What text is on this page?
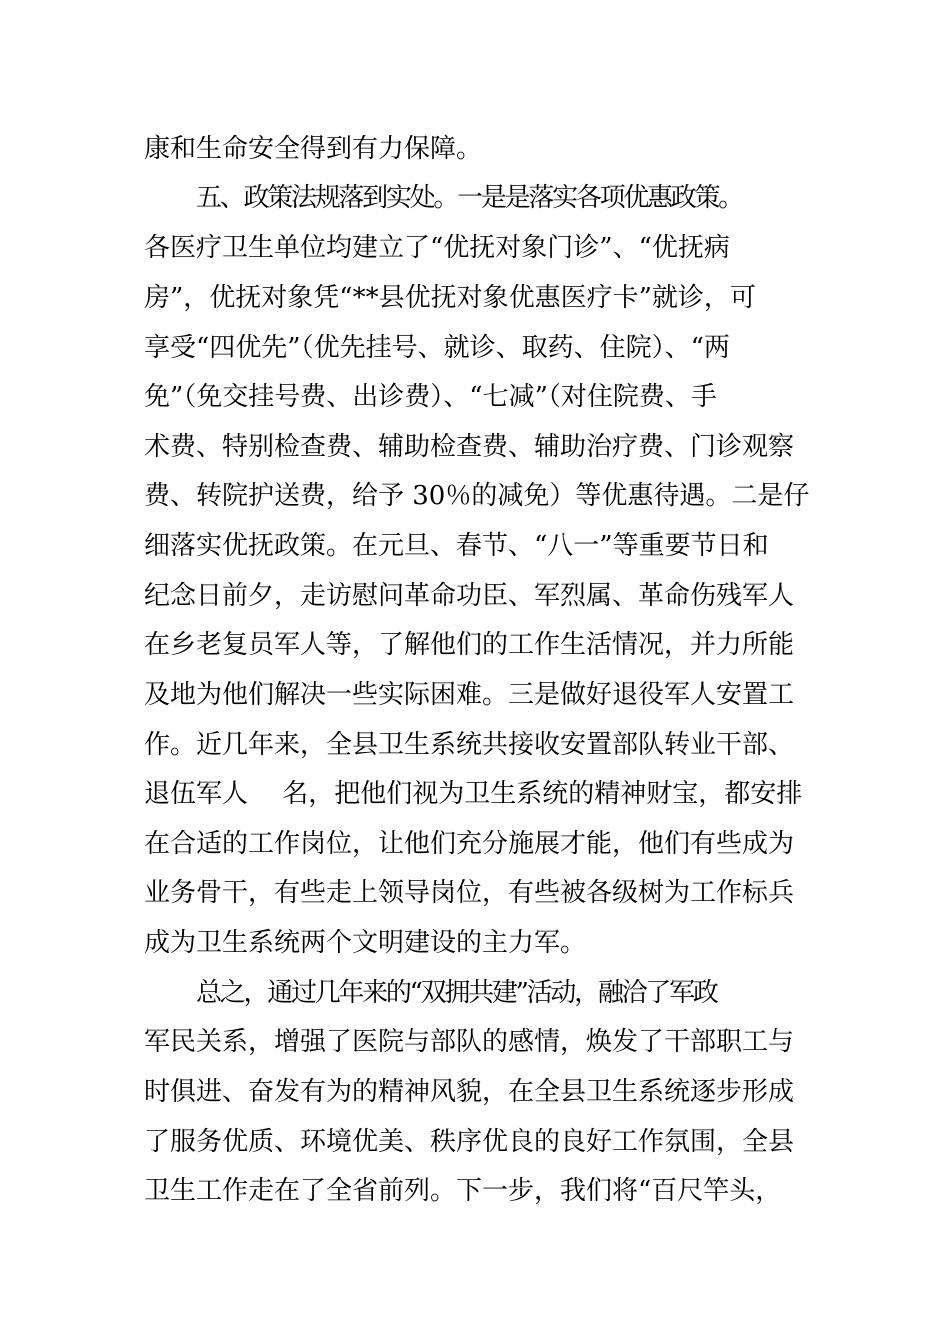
康和生命安全得到有力保障。
五、政策法规落到实处。一是是落实各项优惠政策。
各医疗卫生单位均建立了“优抚对象门诊”、“优抚病
房”，优抚对象凭“**县优抚对象优惠医疗卡”就诊，可
享受“四优先”（优先挂号、就诊、取药、住院）、“两
免”（免交挂号费、出诊费）、“七减”（对住院费、手
术费、特别检查费、辅助检查费、辅助治疗费、门诊观察
费、转院护送费，给予 30％的减免）等优惠待遇。二是仔
细落实优抚政策。在元旦、春节、“八一”等重要节日和
纪念日前夕，走访慰问革命功臣、军烈属、革命伤残军人
在乡老复员军人等，了解他们的工作生活情况，并力所能
及地为他们解决一些实际困难。三是做好退役军人安置工
作。近几年来，全县卫生系统共接收安置部队转业干部、
退伍军人　 名，把他们视为卫生系统的精神财宝，都安排
在合适的工作岗位，让他们充分施展才能，他们有些成为
业务骨干，有些走上领导岗位，有些被各级树为工作标兵
成为卫生系统两个文明建设的主力军。
总之，通过几年来的“双拥共建”活动，融洽了军政
军民关系，增强了医院与部队的感情，焕发了干部职工与
时俱进、奋发有为的精神风貌，在全县卫生系统逐步形成
了服务优质、环境优美、秩序优良的良好工作氛围，全县
卫生工作走在了全省前列。下一步，我们将“百尺竿头，
